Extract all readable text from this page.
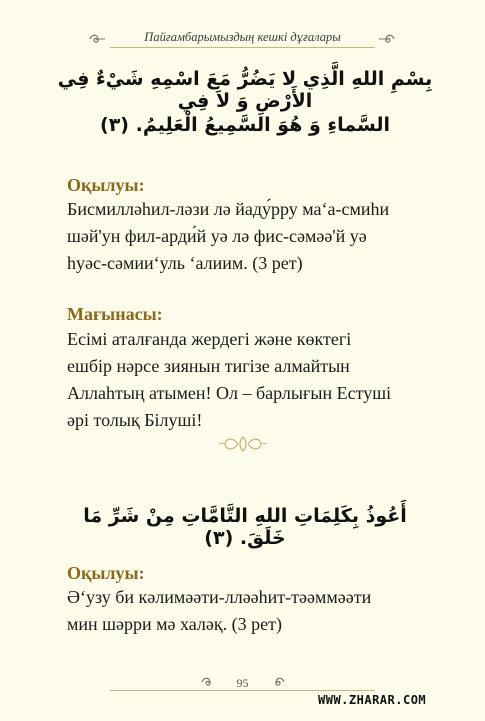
Пайғамбарымыздың кешкі дұғалары
بِسْمِ اللهِ الَّذِي لا يَضُرُّ مَعَ اسْمِهِ شَيْءٌ فِي الأَرْضِ وَ لاَ فِي
السَّماءِ وَ هُوَ السَّمِيعُ الْعَلِيمُ. (٣)
Оқылуы:
Бисмилләһил-ләзи лә йаду́рру ма‘а-смиһи
шәй'ун фил-арди́й уә лә фис-сәмәә'й уә
һуәс-сәмии‘уль ‘алиим. (3 рет)
Мағынасы:
Есімі аталғанда жердегі және көктегі
ешбір нәрсе зиянын тигізе алмайтын
Аллаһтың атымен! Ол – барлығын Естуші
әрі толық Білуші!
أَعُوذُ بِكَلِمَاتِ اللهِ التَّامَّاتِ مِنْ شَرِّ مَا خَلَقَ. (٣)
Оқылуы:
Ә‘узу би кәлимәәти-лләәһит-тәәммәәти
мин шәрри мә халәқ. (3 рет)
95
WWW.ZHARAR.COM
